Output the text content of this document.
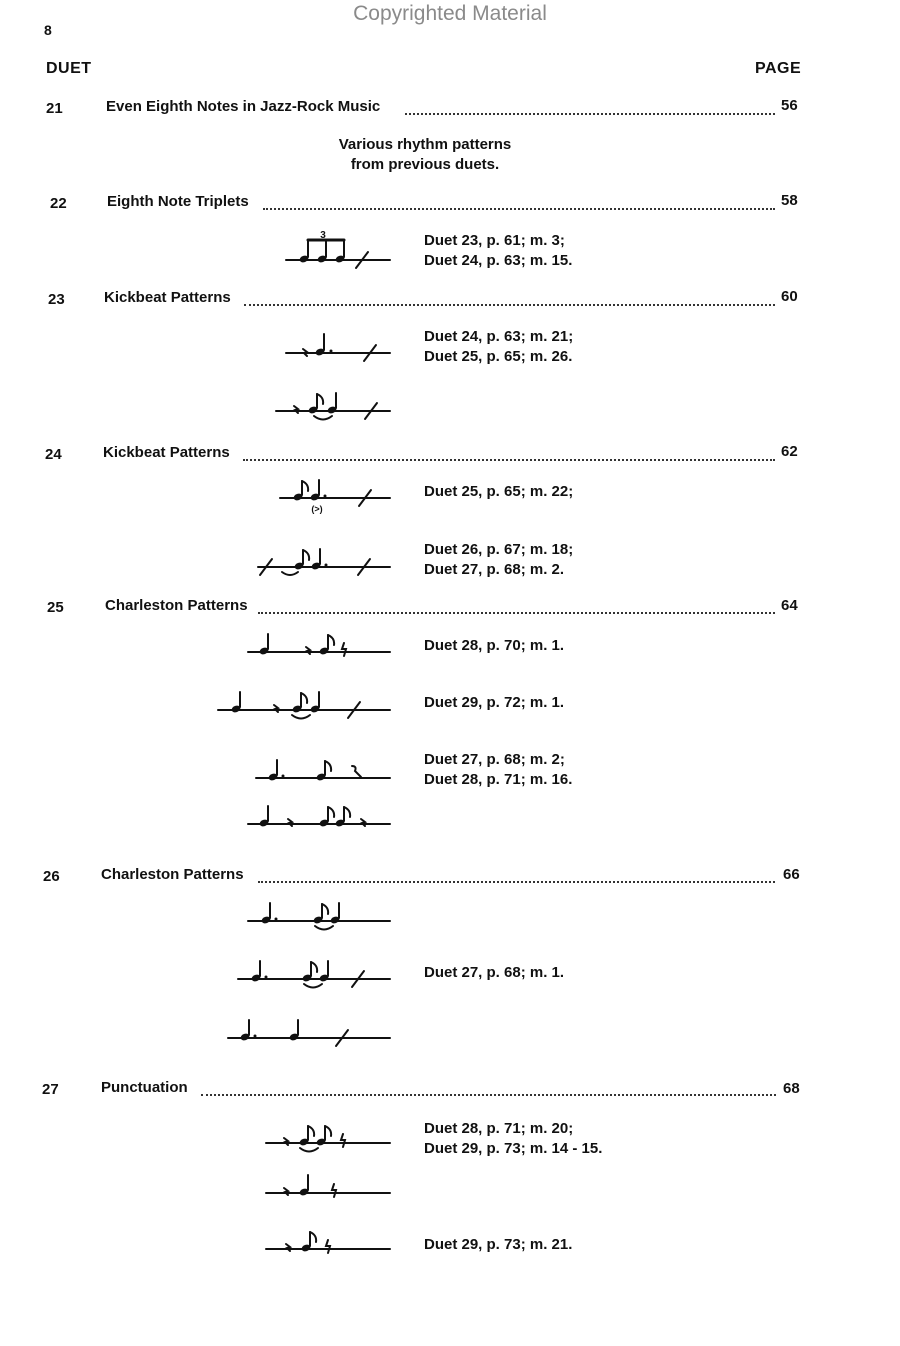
Copyrighted Material
8
DUET	PAGE
21	Even Eighth Notes in Jazz-Rock Music	56
Various rhythm patterns
from previous duets.
22	Eighth Note Triplets	58
23	Kickbeat Patterns	60
24	Kickbeat Patterns	62
25	Charleston Patterns	64
26	Charleston Patterns	66
27	Punctuation	68
Duet 23, p. 61; m. 3;
Duet 24, p. 63; m. 15.
Duet 24, p. 63; m. 21;
Duet 25, p. 65; m. 26.
Duet 25, p. 65; m. 22;
Duet 26, p. 67; m. 18;
Duet 27, p. 68; m. 2.
Duet 28, p. 70; m. 1.
Duet 29, p. 72; m. 1.
Duet 27, p. 68; m. 2;
Duet 28, p. 71; m. 16.
Duet 27, p. 68; m. 1.
Duet 28, p. 71; m. 20;
Duet 29, p. 73; m. 14 - 15.
Duet 29, p. 73; m. 21.
3
(>)
